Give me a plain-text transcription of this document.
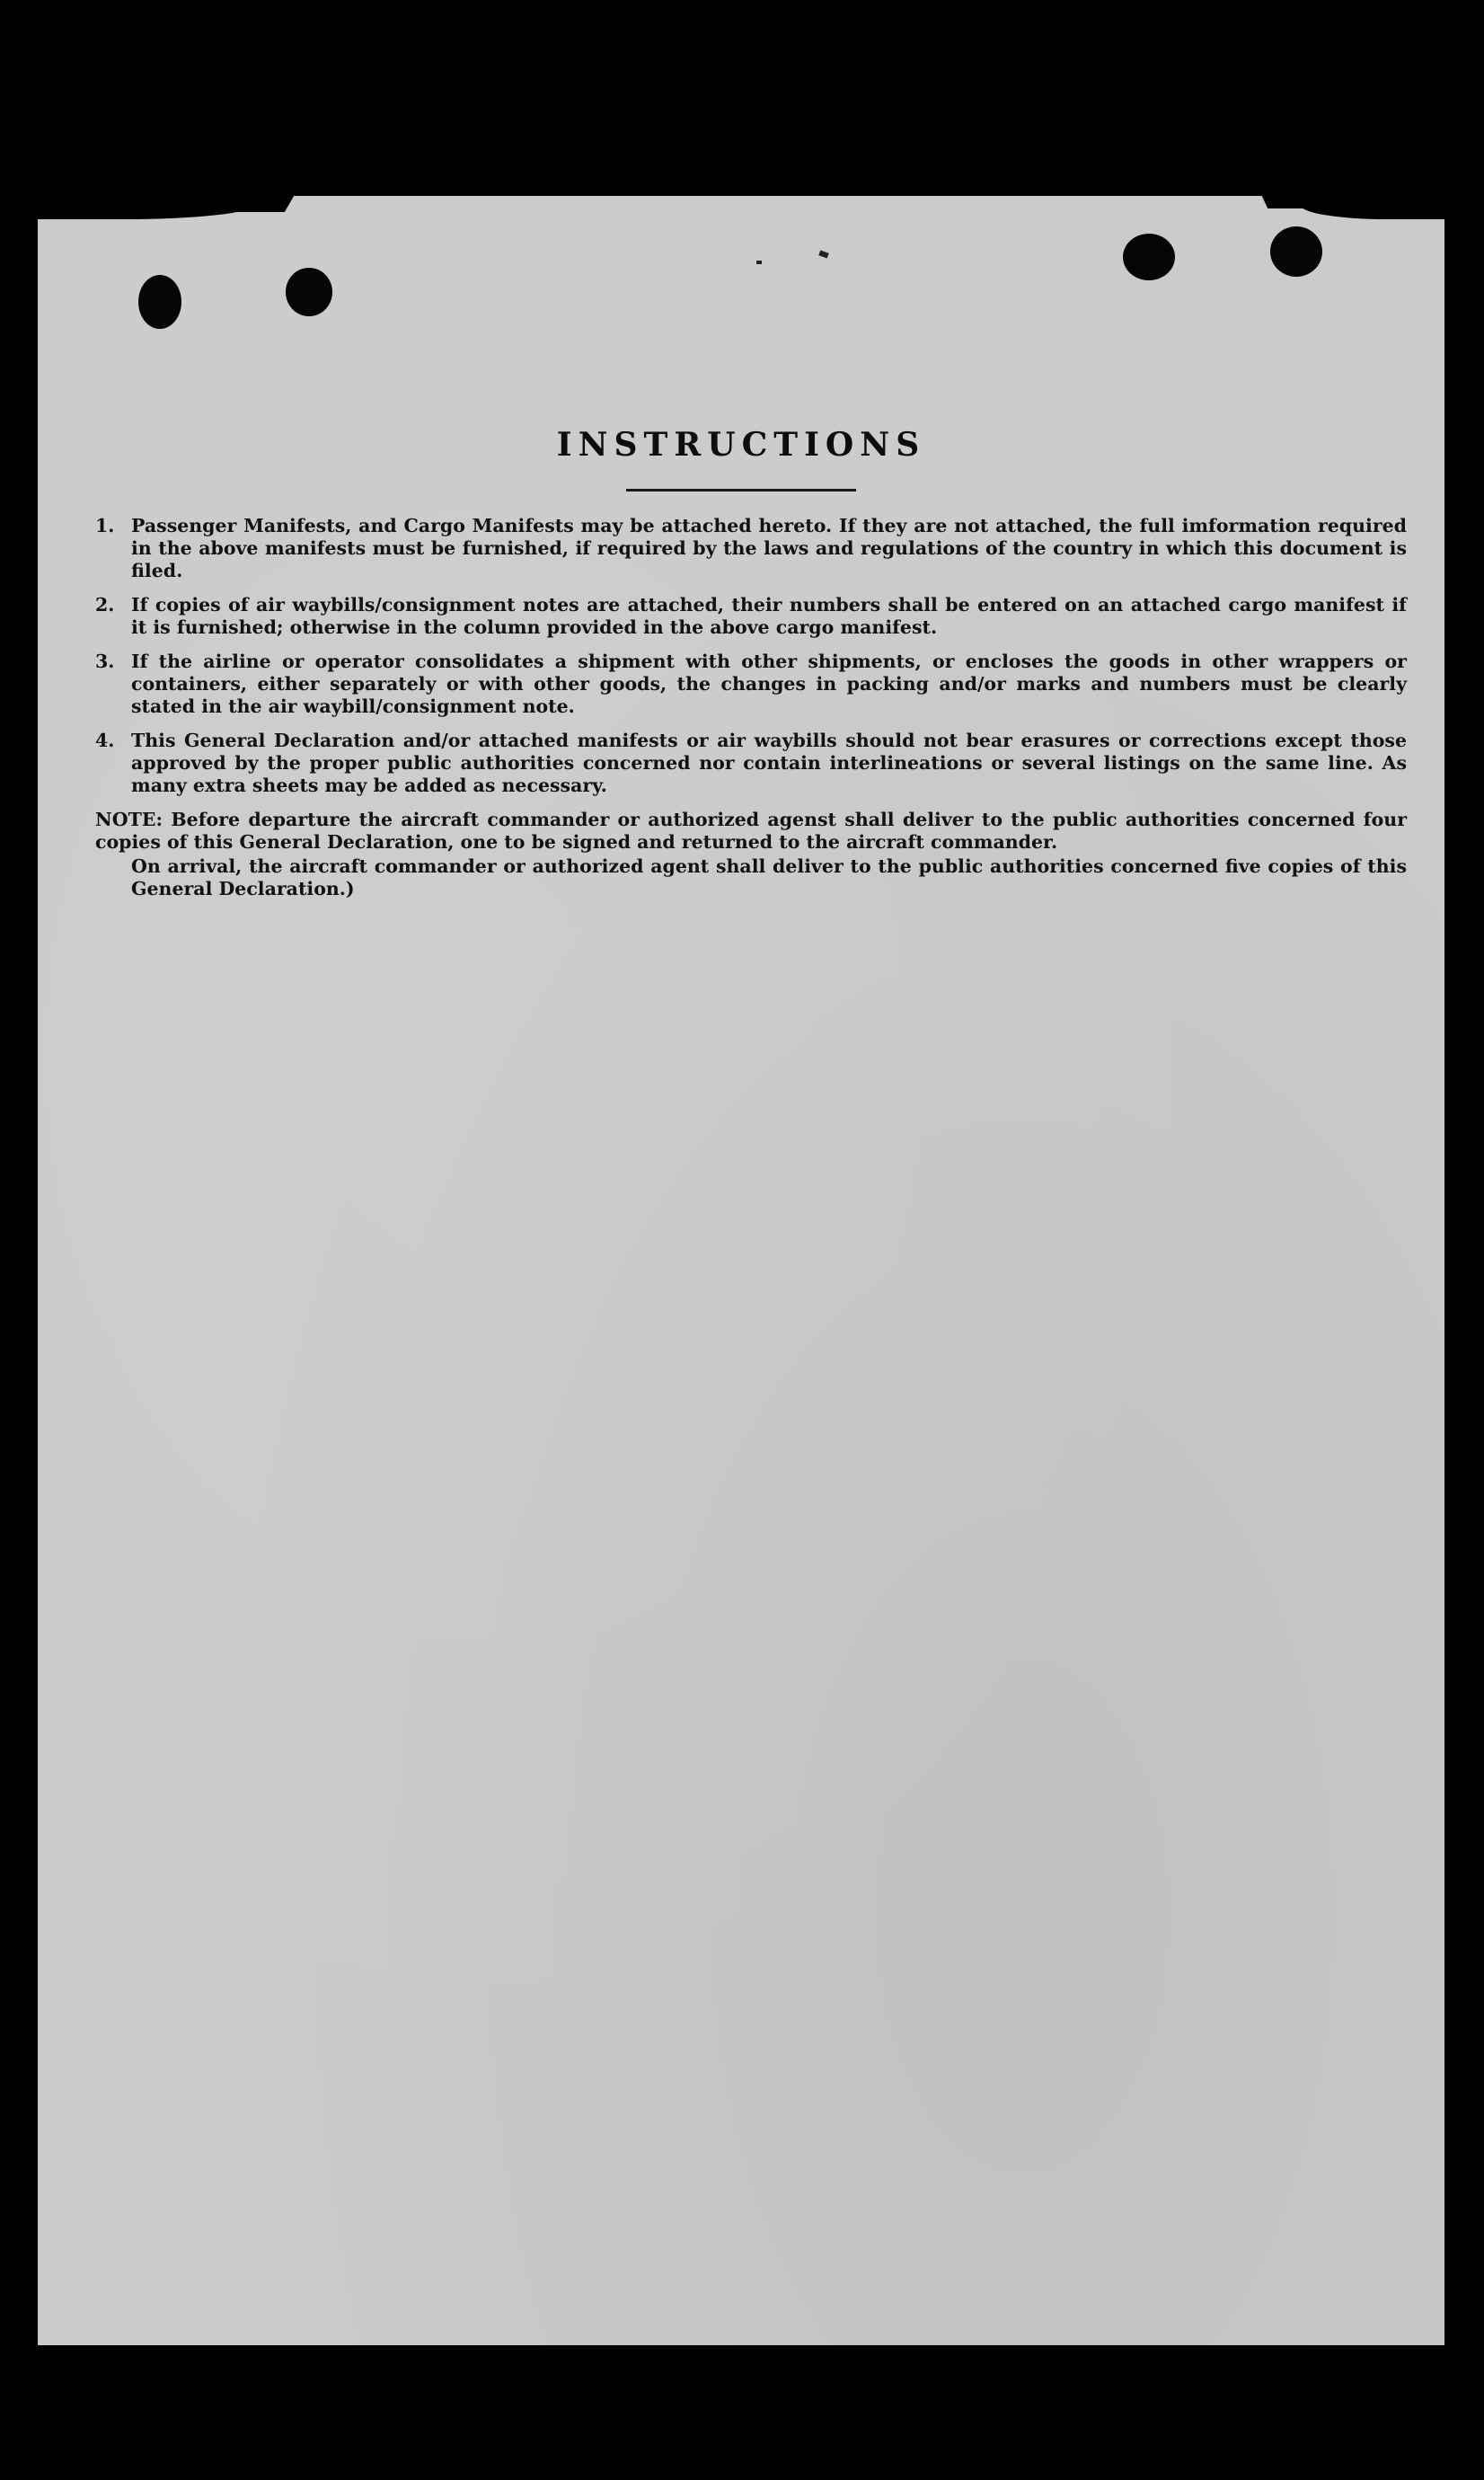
INSTRUCTIONS
1. Passenger Manifests, and Cargo Manifests may be attached hereto. If they are not attached, the full imformation required in the above manifests must be furnished, if required by the laws and regulations of the country in which this document is filed.
2. If copies of air waybills/consignment notes are attached, their numbers shall be entered on an attached cargo manifest if it is furnished; otherwise in the column provided in the above cargo manifest.
3. If the airline or operator consolidates a shipment with other shipments, or encloses the goods in other wrappers or containers, either separately or with other goods, the changes in packing and/or marks and numbers must be clearly stated in the air waybill/consignment note.
4. This General Declaration and/or attached manifests or air waybills should not bear erasures or corrections except those approved by the proper public authorities concerned nor contain interlineations or several listings on the same line. As many extra sheets may be added as necessary.
NOTE: Before departure the aircraft commander or authorized agenst shall deliver to the public authorities concerned four copies of this General Declaration, one to be signed and returned to the aircraft commander.
On arrival, the aircraft commander or authorized agent shall deliver to the public authorities concerned five copies of this General Declaration.)
